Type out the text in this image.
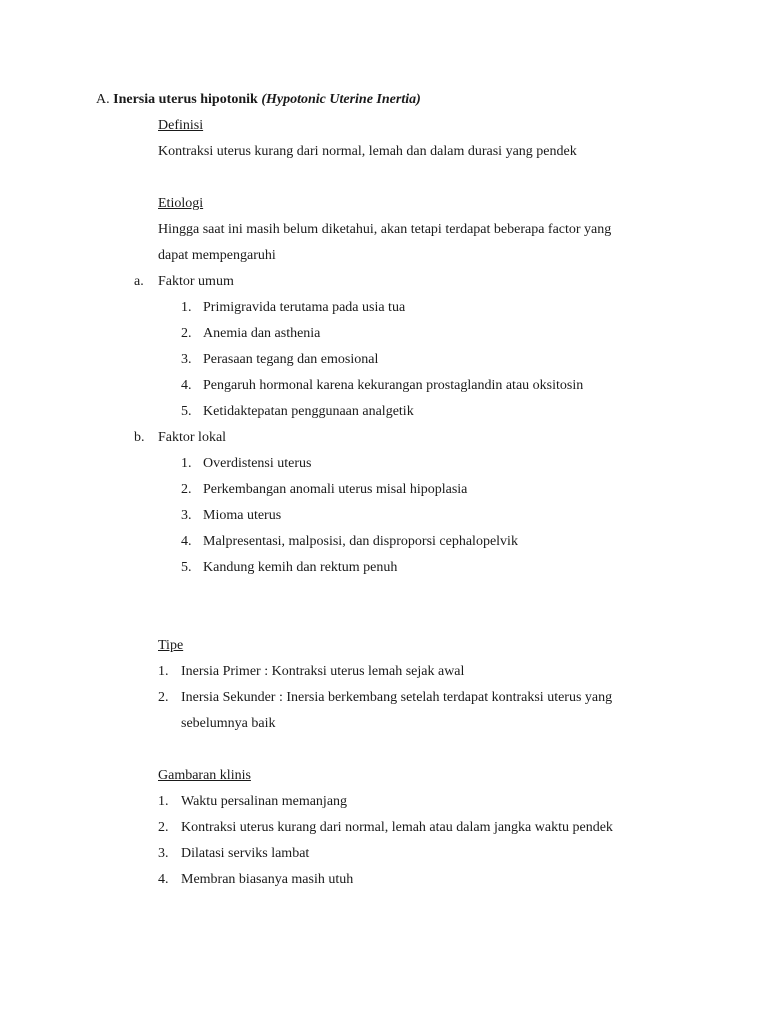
A. Inersia uterus hipotonik (Hypotonic Uterine Inertia)
Definisi
Kontraksi uterus kurang dari normal, lemah dan dalam durasi yang pendek
Etiologi
Hingga saat ini masih belum diketahui, akan tetapi terdapat beberapa factor yang
dapat mempengaruhi
a. Faktor umum
1. Primigravida terutama pada usia tua
2. Anemia dan asthenia
3. Perasaan tegang dan emosional
4. Pengaruh hormonal karena kekurangan prostaglandin atau oksitosin
5. Ketidaktepatan penggunaan analgetik
b. Faktor lokal
1. Overdistensi uterus
2. Perkembangan anomali uterus misal hipoplasia
3. Mioma uterus
4. Malpresentasi, malposisi, dan disproporsi cephalopelvik
5. Kandung kemih dan rektum penuh
Tipe
1. Inersia Primer : Kontraksi uterus lemah sejak awal
2. Inersia Sekunder : Inersia berkembang setelah terdapat kontraksi uterus yang
sebelumnya baik
Gambaran klinis
1. Waktu persalinan memanjang
2. Kontraksi uterus kurang dari normal, lemah atau dalam jangka waktu pendek
3. Dilatasi serviks lambat
4. Membran biasanya masih utuh
